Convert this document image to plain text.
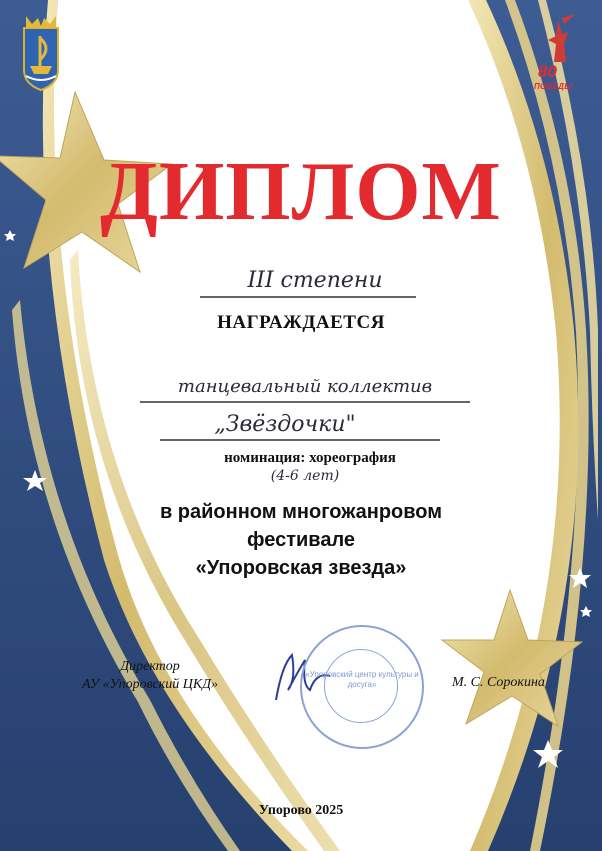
80
ПОБЕДЫ
ДИПЛОМ
III степени
НАГРАЖДАЕТСЯ
танцевальный коллектив
„Звёздочки"
номинация: хореография
(4-6 лет)
в районном многожанровом
фестивале
«Упоровская звезда»
Директор
АУ «Упоровский ЦКД»
«Упоровский центр культуры и досуга»	М. С. Сорокина
Упорово 2025
